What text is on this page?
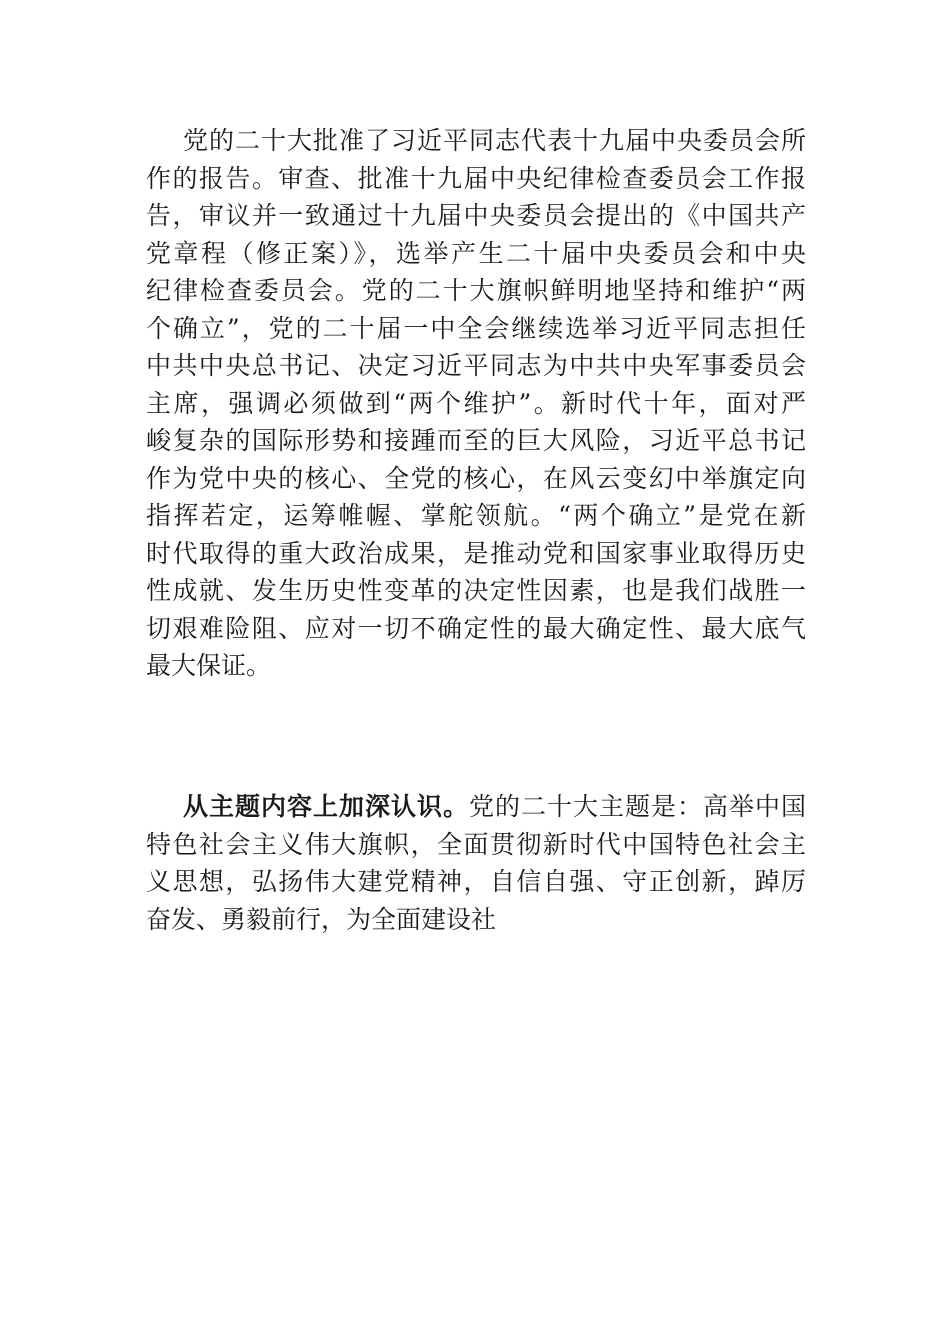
党的二十大批准了习近平同志代表十九届中央委员会所
作的报告。审查、批准十九届中央纪律检查委员会工作报
告，审议并一致通过十九届中央委员会提出的《中国共产
党章程（修正案）》，选举产生二十届中央委员会和中央
纪律检查委员会。党的二十大旗帜鲜明地坚持和维护“两
个确立”，党的二十届一中全会继续选举习近平同志担任
中共中央总书记、决定习近平同志为中共中央军事委员会
主席，强调必须做到“两个维护”。新时代十年，面对严
峻复杂的国际形势和接踵而至的巨大风险，习近平总书记
作为党中央的核心、全党的核心，在风云变幻中举旗定向
指挥若定，运筹帷幄、掌舵领航。“两个确立”是党在新
时代取得的重大政治成果，是推动党和国家事业取得历史
性成就、发生历史性变革的决定性因素，也是我们战胜一
切艰难险阻、应对一切不确定性的最大确定性、最大底气
最大保证。
从主题内容上加深认识。党的二十大主题是：高举中国
特色社会主义伟大旗帜，全面贯彻新时代中国特色社会主
义思想，弘扬伟大建党精神，自信自强、守正创新，踔厉
奋发、勇毅前行，为全面建设社
